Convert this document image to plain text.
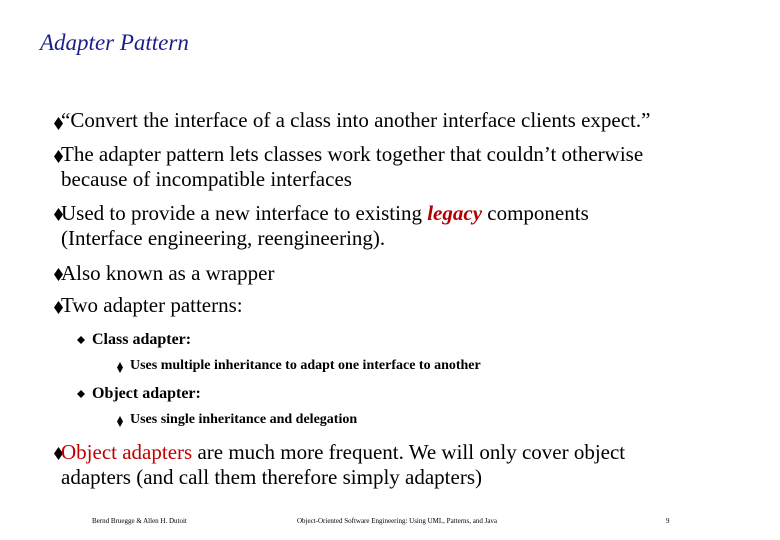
Adapter Pattern
“Convert the interface of a class into another interface clients expect.”
The adapter pattern lets classes work together that couldn’t otherwise
because of incompatible interfaces
Used to provide a new interface to existing legacy components
(Interface engineering, reengineering).
Also known as a wrapper
Two adapter patterns:
Class adapter:
Uses multiple inheritance to adapt one interface to another
Object adapter:
Uses single inheritance and delegation
Object adapters are much more frequent. We will only cover object
adapters (and call them therefore simply adapters)
Bernd Bruegge & Allen H. Dutoit	Object-Oriented Software Engineering: Using UML, Patterns, and Java	9
